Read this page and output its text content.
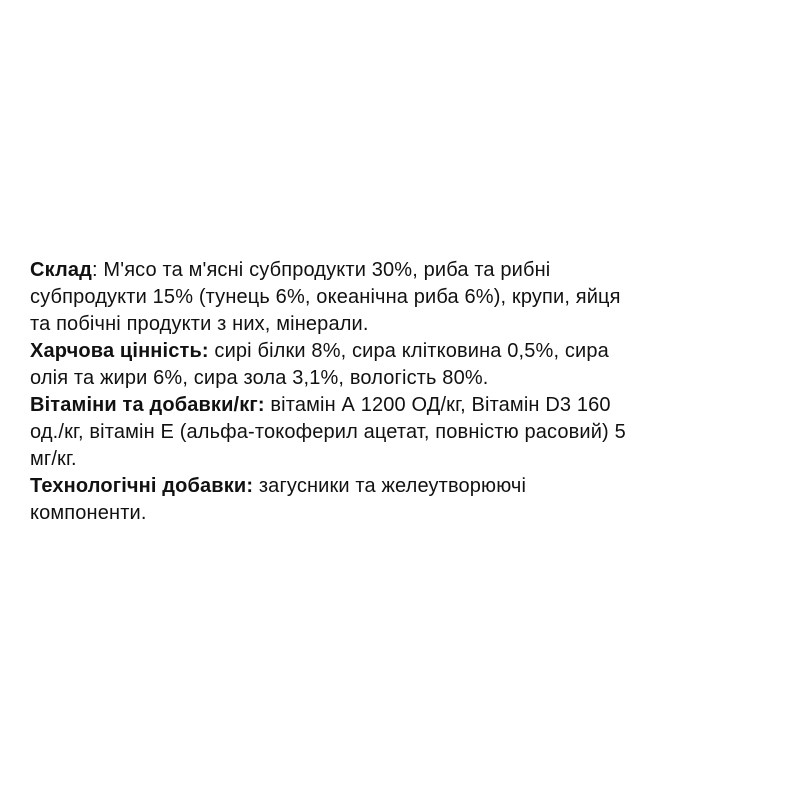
Склад: М'ясо та м'ясні субпродукти 30%, риба та рибні
субпродукти 15% (тунець 6%, океанічна риба 6%), крупи, яйця
та побічні продукти з них, мінерали.

Харчова цінність: сирі білки 8%, сира клітковина 0,5%, сира
олія та жири 6%, сира зола 3,1%, вологість 80%.

Вітаміни та добавки/кг: вітамін А 1200 ОД/кг, Вітамін D3 160
од./кг, вітамін Е (альфа-токоферил ацетат, повністю расовий) 5
мг/кг.

Технологічні добавки: загусники та желеутворюючі
компоненти.
